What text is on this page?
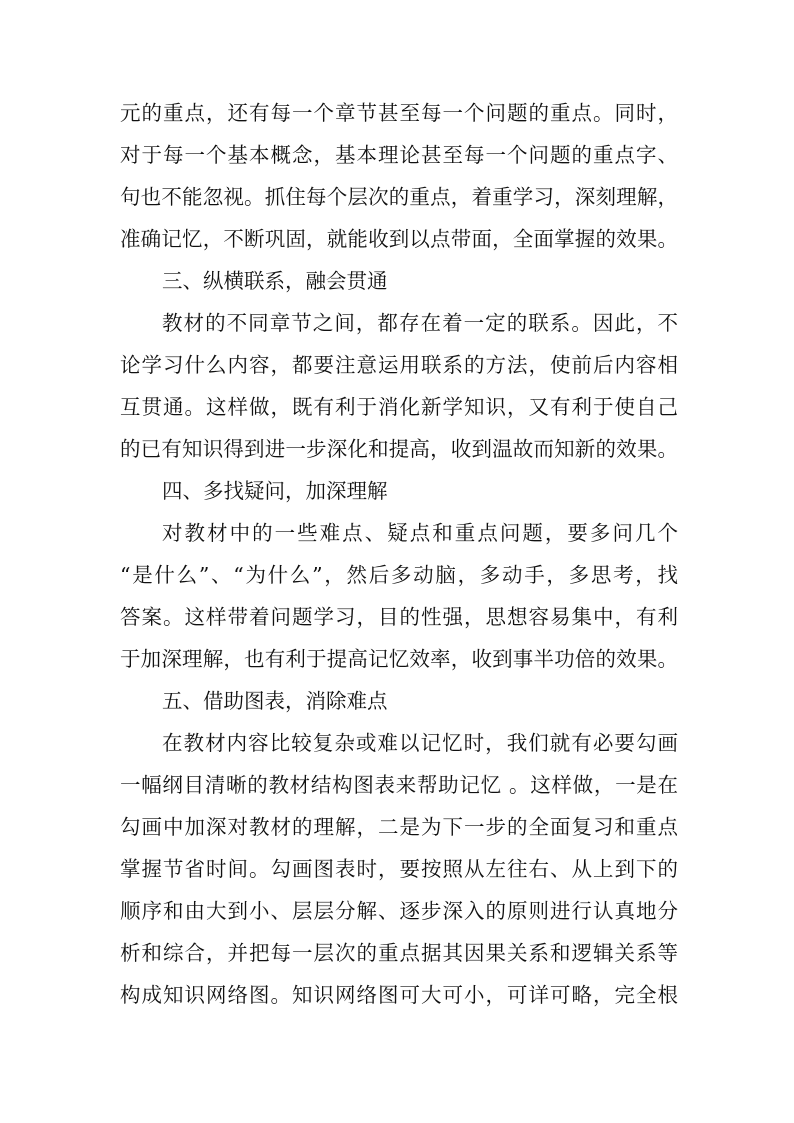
元的重点，还有每一个章节甚至每一个问题的重点。同时，
对于每一个基本概念，基本理论甚至每一个问题的重点字、
句也不能忽视。抓住每个层次的重点，着重学习，深刻理解，
准确记忆，不断巩固，就能收到以点带面，全面掌握的效果。
三、纵横联系，融会贯通
教材的不同章节之间，都存在着一定的联系。因此，不
论学习什么内容，都要注意运用联系的方法，使前后内容相
互贯通。这样做，既有利于消化新学知识，又有利于使自己
的已有知识得到进一步深化和提高，收到温故而知新的效果。
四、多找疑问，加深理解
对教材中的一些难点、疑点和重点问题，要多问几个
“是什么”、“为什么”，然后多动脑，多动手，多思考，找
答案。这样带着问题学习，目的性强，思想容易集中，有利
于加深理解，也有利于提高记忆效率，收到事半功倍的效果。
五、借助图表，消除难点
在教材内容比较复杂或难以记忆时，我们就有必要勾画
一幅纲目清晰的教材结构图表来帮助记忆 。这样做，一是在
勾画中加深对教材的理解，二是为下一步的全面复习和重点
掌握节省时间。勾画图表时，要按照从左往右、从上到下的
顺序和由大到小、层层分解、逐步深入的原则进行认真地分
析和综合，并把每一层次的重点据其因果关系和逻辑关系等
构成知识网络图。知识网络图可大可小，可详可略，完全根
